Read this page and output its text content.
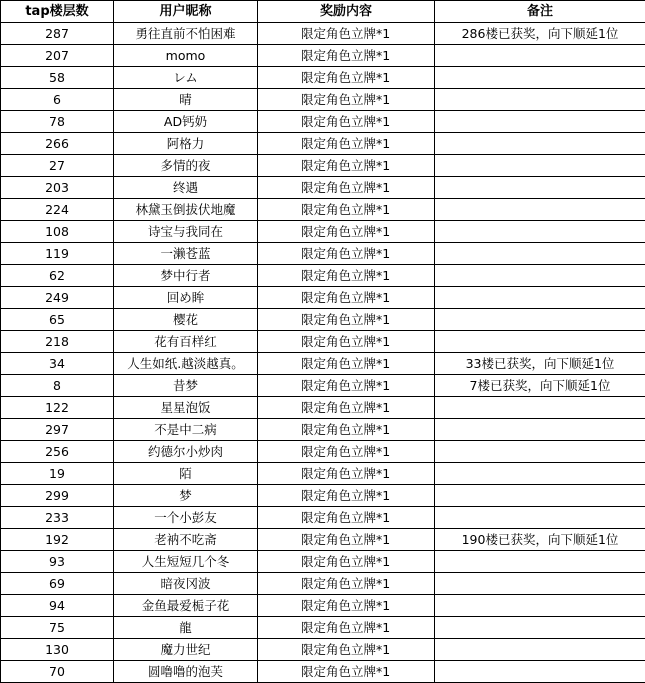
tap楼层数	用户昵称	奖励内容	备注
287	勇往直前不怕困难	限定角色立牌*1	286楼已获奖，向下顺延1位
207	momo	限定角色立牌*1	
58	レム	限定角色立牌*1	
6	晴	限定角色立牌*1	
78	AD钙奶	限定角色立牌*1	
266	阿格力	限定角色立牌*1	
27	多情的夜	限定角色立牌*1	
203	终遇	限定角色立牌*1	
224	林黛玉倒拔伏地魔	限定角色立牌*1	
108	诗宝与我同在	限定角色立牌*1	
119	一濑苍蓝	限定角色立牌*1	
62	梦中行者	限定角色立牌*1	
249	回め眸	限定角色立牌*1	
65	樱花	限定角色立牌*1	
218	花有百样红	限定角色立牌*1	
34	人生如纸.越淡越真。	限定角色立牌*1	33楼已获奖，向下顺延1位
8	昔梦	限定角色立牌*1	7楼已获奖，向下顺延1位
122	星星泡饭	限定角色立牌*1	
297	不是中二病	限定角色立牌*1	
256	约德尔小炒肉	限定角色立牌*1	
19	陌	限定角色立牌*1	
299	梦	限定角色立牌*1	
233	一个小彭友	限定角色立牌*1	
192	老衲不吃斋	限定角色立牌*1	190楼已获奖，向下顺延1位
93	人生短短几个冬	限定角色立牌*1	
69	暗夜冈波	限定角色立牌*1	
94	金鱼最爱栀子花	限定角色立牌*1	
75	龍	限定角色立牌*1	
130	魔力世纪	限定角色立牌*1	
70	圆噜噜的泡芙	限定角色立牌*1	
